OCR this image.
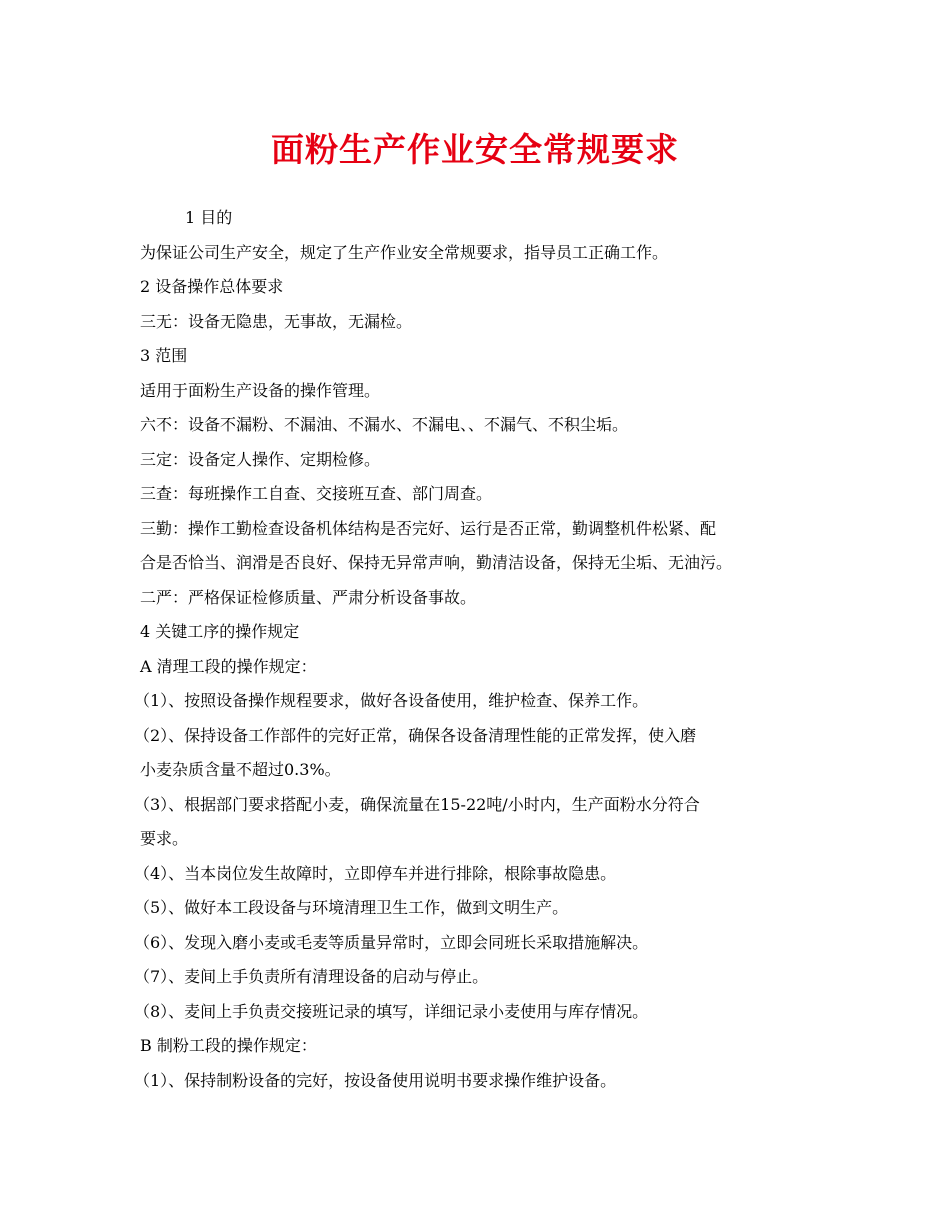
面粉生产作业安全常规要求
1 目的
为保证公司生产安全，规定了生产作业安全常规要求，指导员工正确工作。
2 设备操作总体要求
三无：设备无隐患，无事故，无漏检。
3 范围
适用于面粉生产设备的操作管理。
六不：设备不漏粉、不漏油、不漏水、不漏电、、不漏气、不积尘垢。
三定：设备定人操作、定期检修。
三查：每班操作工自查、交接班互查、部门周查。
三勤：操作工勤检查设备机体结构是否完好、运行是否正常，勤调整机件松紧、配
合是否恰当、润滑是否良好、保持无异常声响，勤清洁设备，保持无尘垢、无油污。
二严：严格保证检修质量、严肃分析设备事故。
4 关键工序的操作规定
A 清理工段的操作规定：
（1）、按照设备操作规程要求，做好各设备使用，维护检查、保养工作。
（2）、保持设备工作部件的完好正常，确保各设备清理性能的正常发挥，使入磨
小麦杂质含量不超过0.3%。
（3）、根据部门要求搭配小麦，确保流量在15-22吨/小时内，生产面粉水分符合
要求。
（4）、当本岗位发生故障时，立即停车并进行排除，根除事故隐患。
（5）、做好本工段设备与环境清理卫生工作，做到文明生产。
（6）、发现入磨小麦或毛麦等质量异常时，立即会同班长采取措施解决。
（7）、麦间上手负责所有清理设备的启动与停止。
（8）、麦间上手负责交接班记录的填写，详细记录小麦使用与库存情况。
B 制粉工段的操作规定：
（1）、保持制粉设备的完好，按设备使用说明书要求操作维护设备。
